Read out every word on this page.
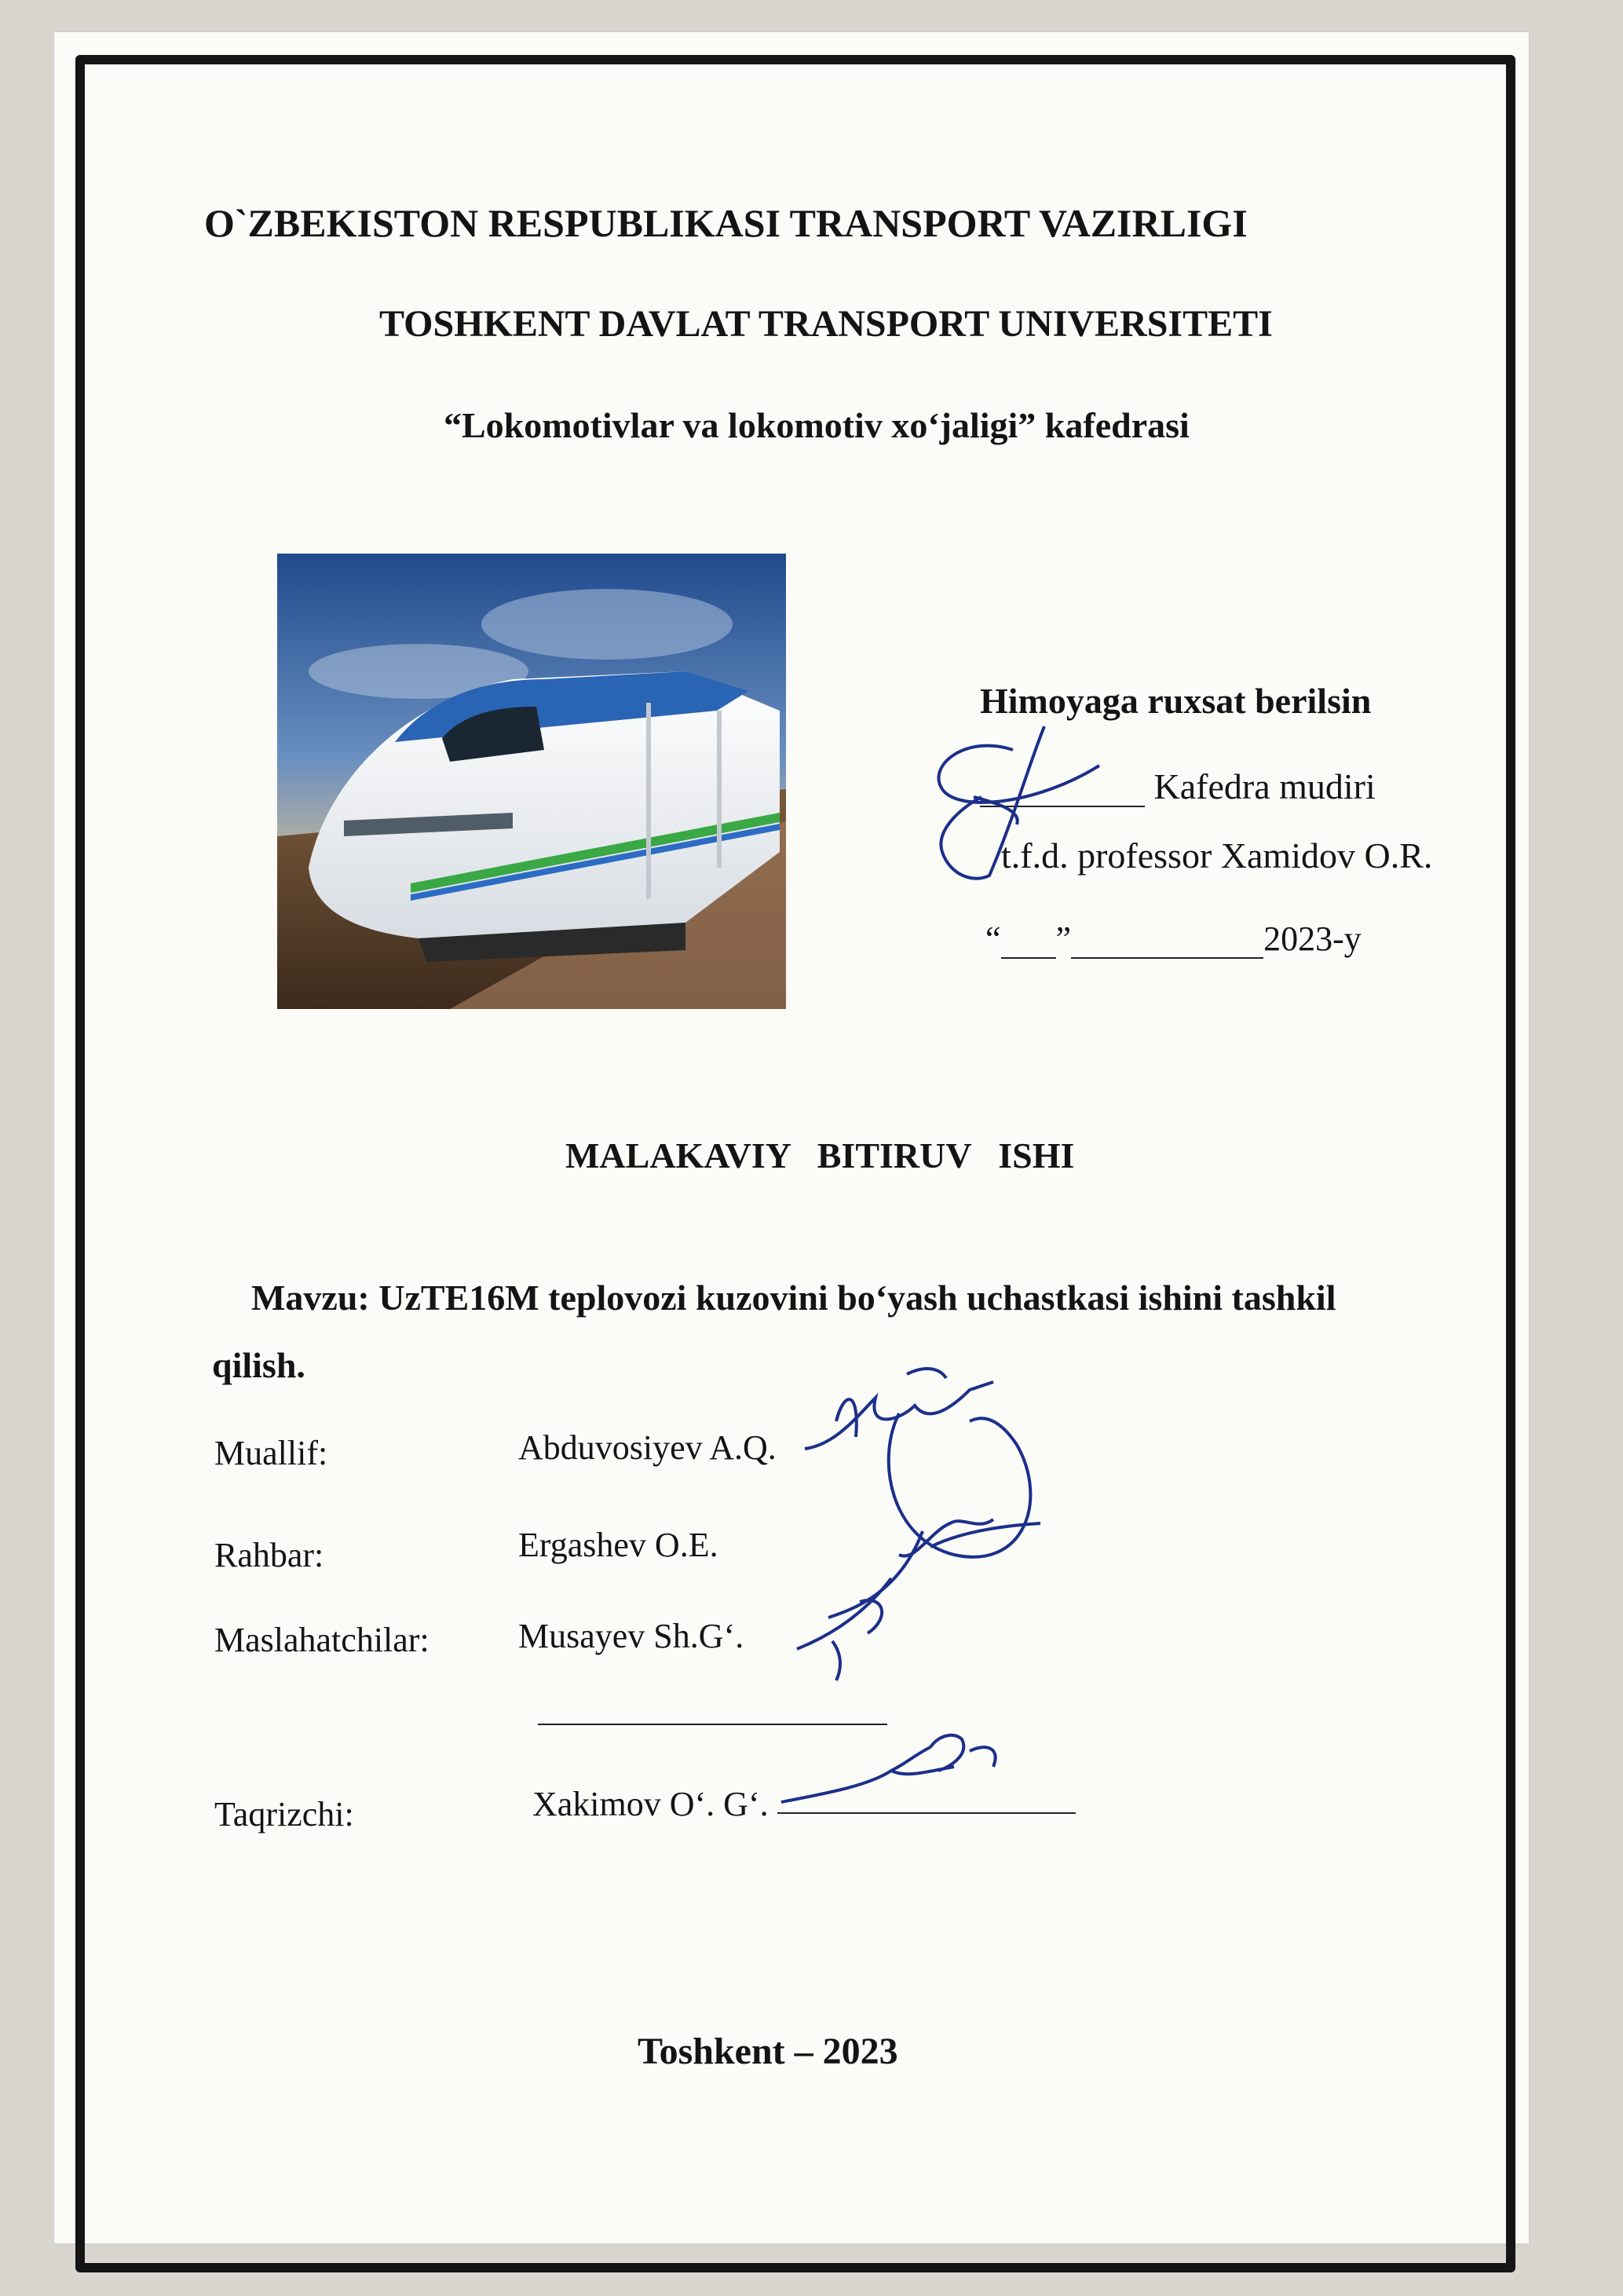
O`ZBEKISTON RESPUBLIKASI TRANSPORT VAZIRLIGI
TOSHKENT DAVLAT TRANSPORT UNIVERSITETI
“Lokomotivlar va lokomotiv xo‘jaligi” kafedrasi
Himoyaga ruxsat berilsin
Kafedra mudiri
t.f.d. professor Xamidov O.R.
“ ”	2023-y
MALAKAVIY   BITIRUV   ISHI
Mavzu: UzTE16M teplovozi kuzovini bo‘yash uchastkasi ishini tashkil qilish.
Muallif:	Abduvosiyev A.Q.
Rahbar:	Ergashev O.E.
Maslahatchilar:	Musayev Sh.G‘.
Taqrizchi:	Xakimov O‘. G‘.
Toshkent – 2023
